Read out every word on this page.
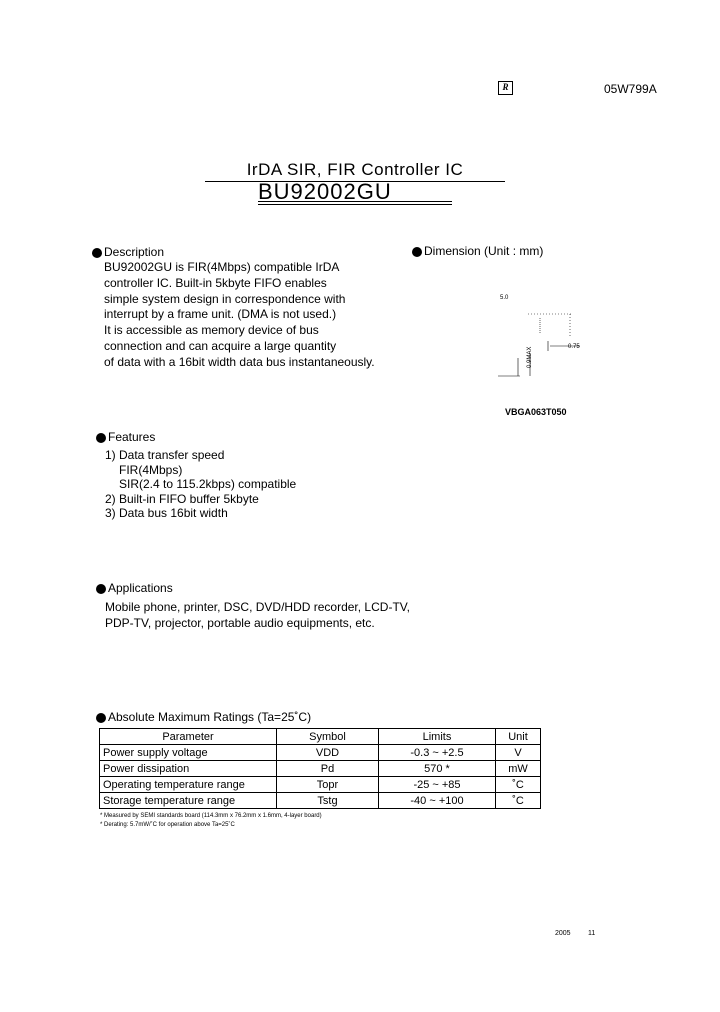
R	05W799A
IrDA SIR, FIR Controller IC
BU92002GU
Description
BU92002GU is FIR(4Mbps) compatible IrDA
controller IC. Built-in 5kbyte FIFO enables
simple system design in correspondence with
interrupt by a frame unit. (DMA is not used.)
It is accessible as memory device of bus
connection and can acquire a large quantity
of data with a 16bit width data bus instantaneously.
Dimension (Unit : mm)
5.0
0.75
0.9MAX
VBGA063T050
Features
1) Data transfer speed
FIR(4Mbps)
SIR(2.4 to 115.2kbps) compatible
2) Built-in FIFO buffer 5kbyte
3) Data bus 16bit width
Applications
Mobile phone, printer, DSC, DVD/HDD recorder, LCD-TV,
PDP-TV, projector, portable audio equipments, etc.
Absolute Maximum Ratings (Ta=25˚C)
Parameter	Symbol	Limits	Unit
Power supply voltage	VDD	-0.3 ~ +2.5	V
Power dissipation	Pd	570 *	mW
Operating temperature range	Topr	-25 ~ +85	˚C
Storage temperature range	Tstg	-40 ~ +100	˚C
* Measured by SEMI standards board (114.3mm x 76.2mm x 1.6mm, 4-layer board)
* Derating: 5.7mW/˚C for operation above Ta=25˚C
2005 11
